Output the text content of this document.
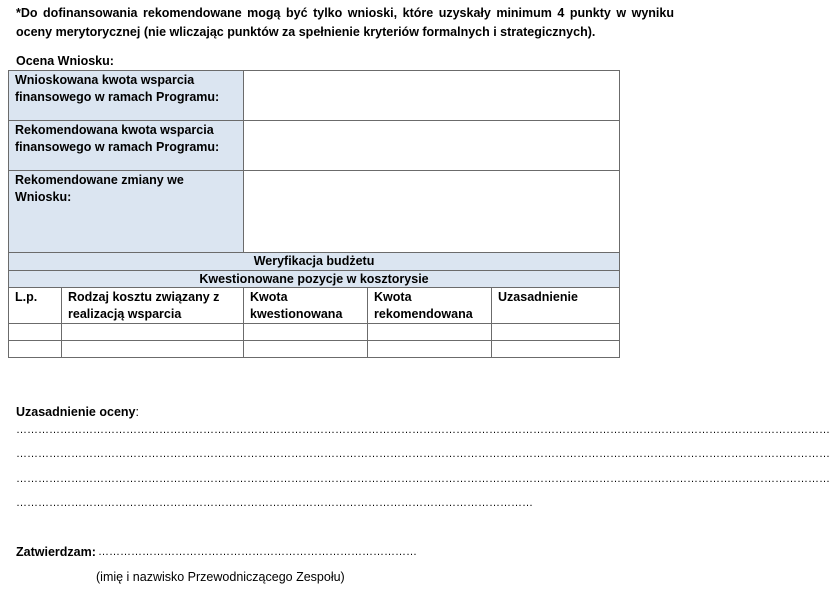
*Do dofinansowania rekomendowane mogą być tylko wnioski, które uzyskały minimum 4 punkty w wyniku oceny merytorycznej (nie wliczając punktów za spełnienie kryteriów formalnych i strategicznych).
Ocena Wniosku:
Wnioskowana kwota wsparcia finansowego w ramach Programu:				
Rekomendowana kwota wsparcia finansowego w ramach Programu:				
Rekomendowane zmiany we Wniosku:				
Weryfikacja budżetu				
Kwestionowane pozycje w kosztorysie				
L.p.	Rodzaj kosztu związany z realizacją wsparcia	Kwota kwestionowana	Kwota rekomendowana	Uzasadnienie

Uzasadnienie oceny:
……………………………………………………………………………………………………………………………………………………………………………………………………
……………………………………………………………………………………………………………………………………………………………………………………………………
……………………………………………………………………………………………………………………………………………………………………………………………………
……………………………………………………………………………………………………………………………
Zatwierdzam: ……………………………………………………………………………
(imię i nazwisko Przewodniczącego Zespołu)
